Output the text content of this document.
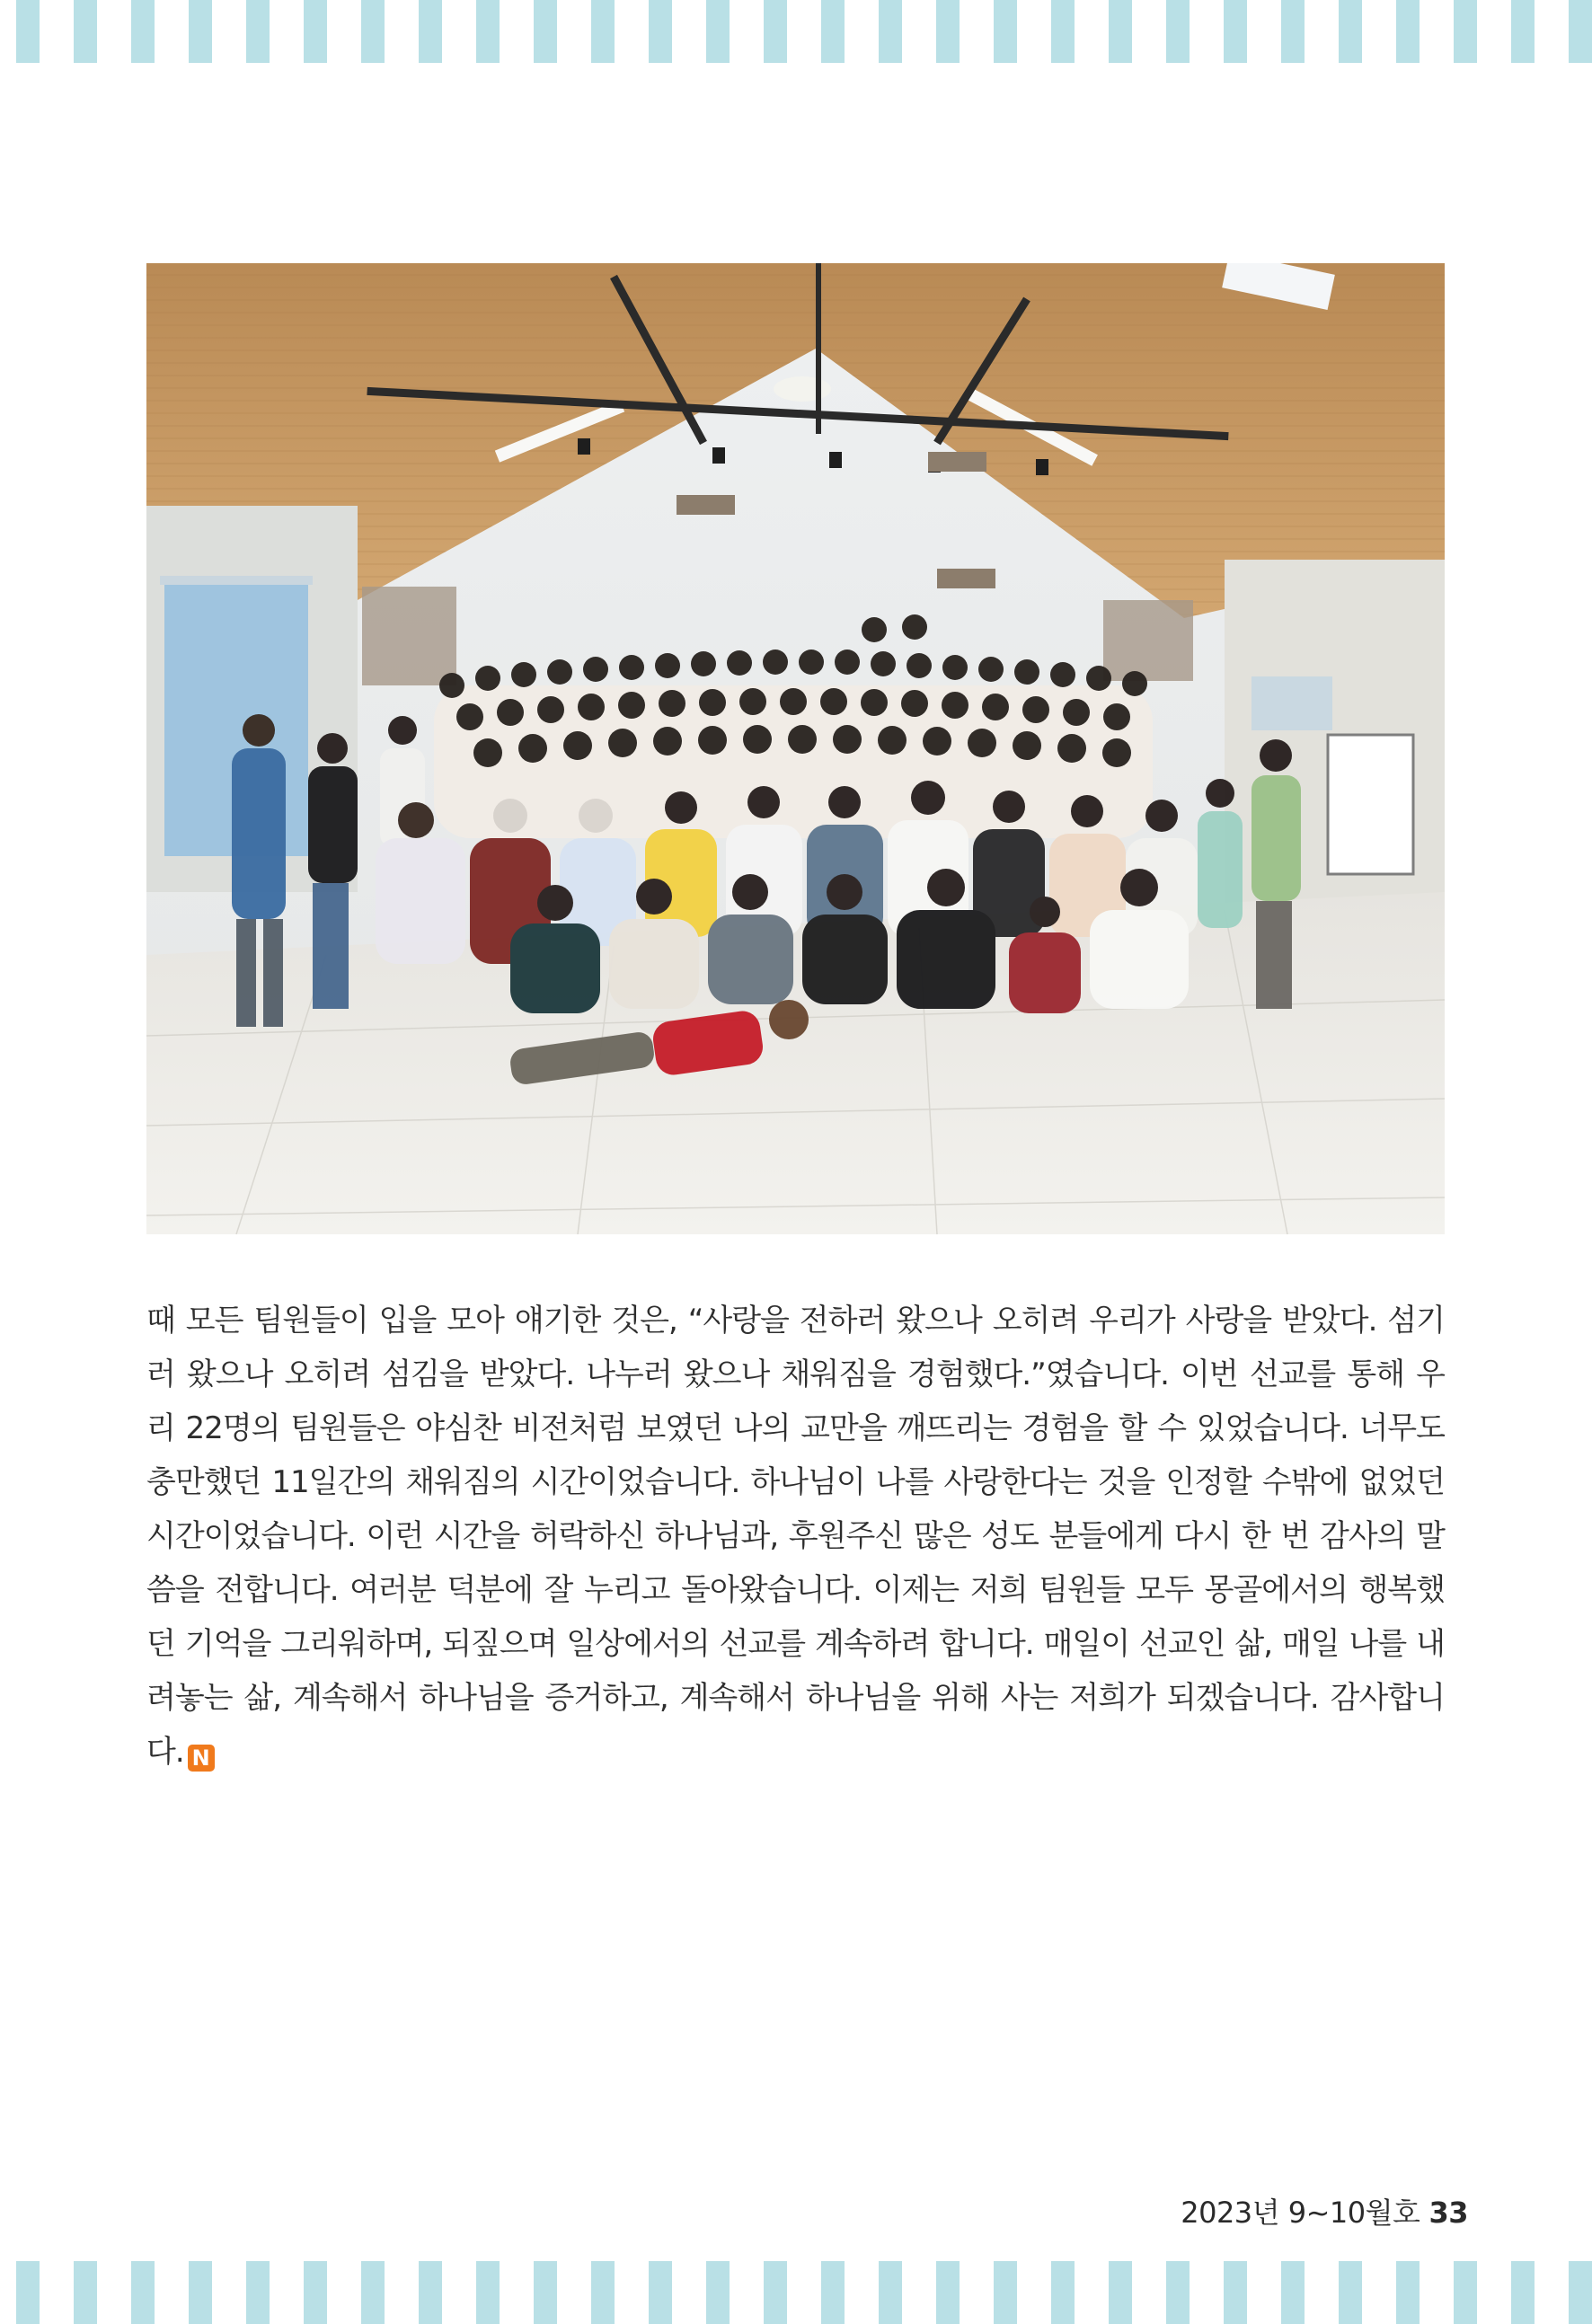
때 모든 팀원들이 입을 모아 얘기한 것은, “사랑을 전하러 왔으나 오히려 우리가 사랑을 받았다. 섬기러 왔으나 오히려 섬김을 받았다. 나누러 왔으나 채워짐을 경험했다.”였습니다. 이번 선교를 통해 우리 22명의 팀원들은 야심찬 비전처럼 보였던 나의 교만을 깨뜨리는 경험을 할 수 있었습니다. 너무도 충만했던 11일간의 채워짐의 시간이었습니다. 하나님이 나를 사랑한다는 것을 인정할 수밖에 없었던 시간이었습니다. 이런 시간을 허락하신 하나님과, 후원주신 많은 성도 분들에게 다시 한 번 감사의 말씀을 전합니다. 여러분 덕분에 잘 누리고 돌아왔습니다. 이제는 저희 팀원들 모두 몽골에서의 행복했던 기억을 그리워하며, 되짚으며 일상에서의 선교를 계속하려 합니다. 매일이 선교인 삶, 매일 나를 내려놓는 삶, 계속해서 하나님을 증거하고, 계속해서 하나님을 위해 사는 저희가 되겠습니다. 감사합니다. N

2023년 9~10월호 33
